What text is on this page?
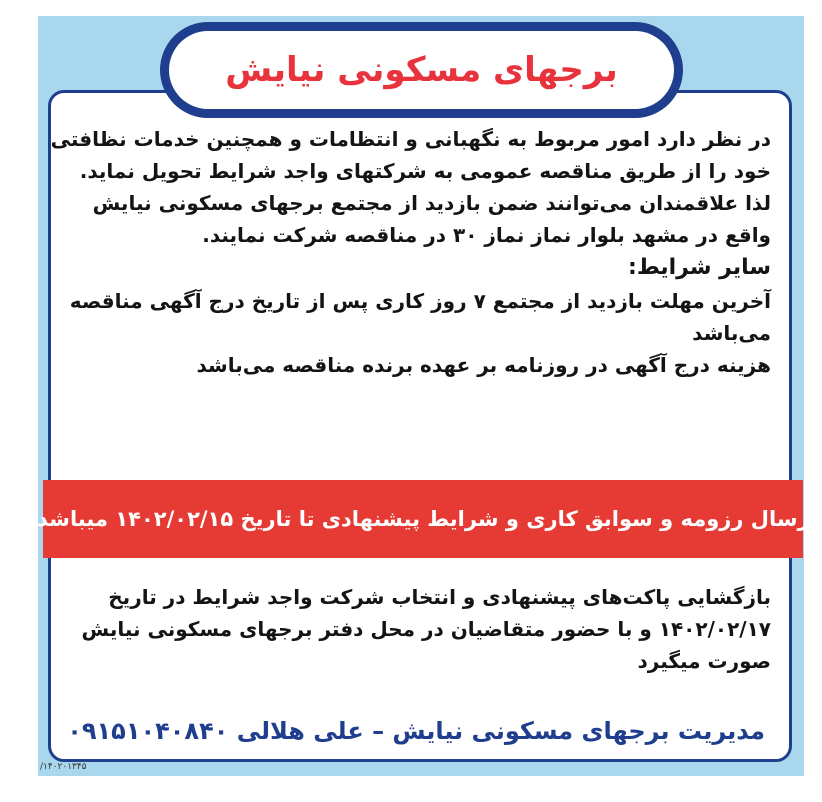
در نظر دارد امور مربوط به نگهبانی و انتظامات و همچنین خدمات نظافتی
خود را از طریق مناقصه عمومی به شرکتهای واجد شرایط تحویل نماید.
لذا علاقمندان می‌توانند ضمن بازدید از مجتمع برجهای مسکونی نیایش
واقع در مشهد بلوار نماز نماز ۳۰ در مناقصه شرکت نمایند.
سایر شرایط:
آخرین مهلت بازدید از مجتمع ۷ روز کاری پس از تاریخ درج آگهی مناقصه
می‌باشد
هزینه درج آگهی در روزنامه بر عهده برنده مناقصه می‌باشد
ارسال رزومه و سوابق کاری و شرایط پیشنهادی تا تاریخ ۱۴۰۲/۰۲/۱۵ میباشد.
بازگشایی پاکت‌های پیشنهادی و انتخاب شرکت واجد شرایط در تاریخ
۱۴۰۲/۰۲/۱۷ و با حضور متقاضیان در محل دفتر برجهای مسکونی نیایش
صورت میگیرد
مدیریت برجهای مسکونی نیایش – علی هلالی ۰۹۱۵۱۰۴۰۸۴۰
برجهای مسکونی نیایش
/۱۴۰۲۰۱۳۴۵
